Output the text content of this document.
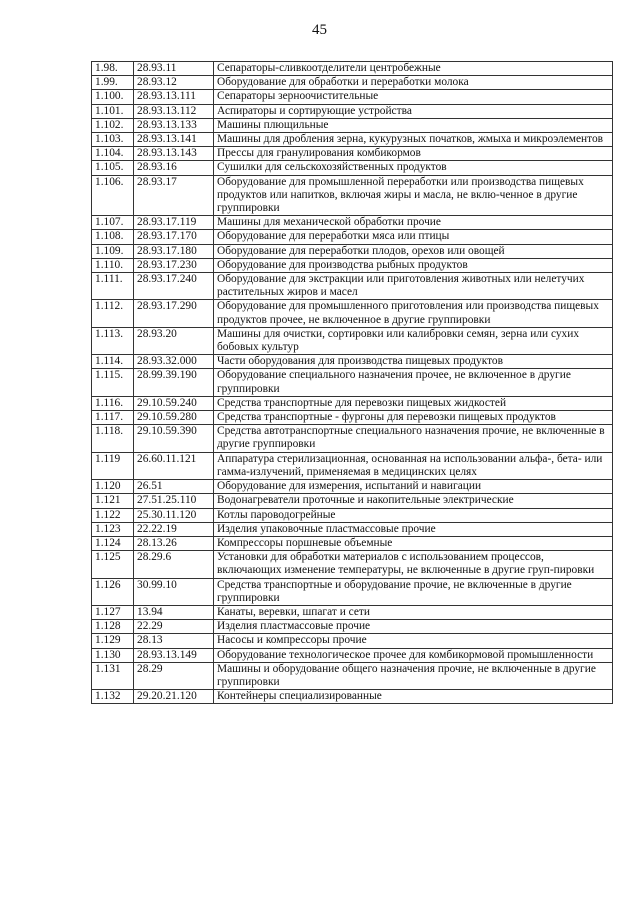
45
1.98.	28.93.11	Сепараторы-сливкоотделители центробежные
1.99.	28.93.12	Оборудование для обработки и переработки молока
1.100.	28.93.13.111	Сепараторы зерноочистительные
1.101.	28.93.13.112	Аспираторы и сортирующие устройства
1.102.	28.93.13.133	Машины плющильные
1.103.	28.93.13.141	Машины для дробления зерна, кукурузных початков, жмыха и микроэлементов
1.104.	28.93.13.143	Прессы для гранулирования комбикормов
1.105.	28.93.16	Сушилки для сельскохозяйственных продуктов
1.106.	28.93.17	Оборудование для промышленной переработки или производства пищевых продуктов или напитков, включая жиры и масла, не вклю-ченное в другие группировки
1.107.	28.93.17.119	Машины для механической обработки прочие
1.108.	28.93.17.170	Оборудование для переработки мяса или птицы
1.109.	28.93.17.180	Оборудование для переработки плодов, орехов или овощей
1.110.	28.93.17.230	Оборудование для производства рыбных продуктов
1.111.	28.93.17.240	Оборудование для экстракции или приготовления животных или нелетучих растительных жиров и масел
1.112.	28.93.17.290	Оборудование для промышленного приготовления или производства пищевых продуктов прочее, не включенное в другие группировки
1.113.	28.93.20	Машины для очистки, сортировки или калибровки семян, зерна или сухих бобовых культур
1.114.	28.93.32.000	Части оборудования для производства пищевых продуктов
1.115.	28.99.39.190	Оборудование специального назначения прочее, не включенное в другие группировки
1.116.	29.10.59.240	Средства транспортные для перевозки пищевых жидкостей
1.117.	29.10.59.280	Средства транспортные - фургоны для перевозки пищевых продуктов
1.118.	29.10.59.390	Средства автотранспортные специального назначения прочие, не включенные в другие группировки
1.119	26.60.11.121	Аппаратура стерилизационная, основанная на использовании альфа-, бета- или гамма-излучений, применяемая в медицинских целях
1.120	26.51	Оборудование для измерения, испытаний и навигации
1.121	27.51.25.110	Водонагреватели проточные и накопительные электрические
1.122	25.30.11.120	Котлы пароводогрейные
1.123	22.22.19	Изделия упаковочные пластмассовые прочие
1.124	28.13.26	Компрессоры поршневые объемные
1.125	28.29.6	Установки для обработки материалов с использованием процессов, включающих изменение температуры, не включенные в другие груп-пировки
1.126	30.99.10	Средства транспортные и оборудование прочие, не включенные в другие группировки
1.127	13.94	Канаты, веревки, шпагат и сети
1.128	22.29	Изделия пластмассовые прочие
1.129	28.13	Насосы и компрессоры прочие
1.130	28.93.13.149	Оборудование технологическое прочее для комбикормовой промышленности
1.131	28.29	Машины и оборудование общего назначения прочие, не включенные в другие группировки
1.132	29.20.21.120	Контейнеры специализированные
